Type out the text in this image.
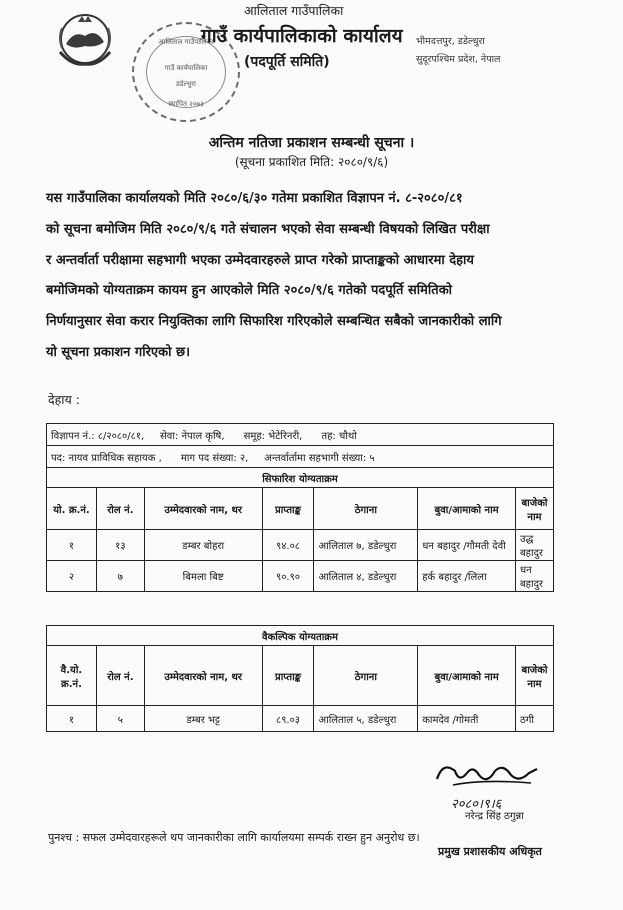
आलिताल गाउँपालिका
गाउँ कार्यपालिका
डडेल्धुरा
स्थापित २०७३
आलिताल गाउँपालिका
गाउँ कार्यपालिकाको कार्यालय
(पदपूर्ति समिति)
भीमदत्तपुर, डडेल्धुरा
सुदूरपश्चिम प्रदेश, नेपाल
अन्तिम नतिजा प्रकाशन सम्बन्धी सूचना ।
(सूचना प्रकाशित मिति: २०८०/९/६)
यस गाउँपालिका कार्यालयको मिति २०८०/६/३० गतेमा प्रकाशित विज्ञापन नं. ८-२०८०/८१
को सूचना बमोजिम मिति २०८०/९/६ गते संचालन भएको सेवा सम्बन्धी विषयको लिखित परीक्षा
र अन्तर्वार्ता परीक्षामा सहभागी भएका उम्मेदवारहरुले प्राप्त गरेको प्राप्ताङ्कको आधारमा देहाय
बमोजिमको योग्यताक्रम कायम हुन आएकोले मिति २०८०/९/६ गतेको पदपूर्ति समितिको
निर्णयानुसार सेवा करार नियुक्तिका लागि सिफारिश गरिएकोले सम्बन्धित सबैको जानकारीको लागि
यो सूचना प्रकाशन गरिएको छ।
देहाय :
विज्ञापन नं.: ८/२०८०/८१,     सेवा: नेपाल कृषि,      समूह: भेटेरिनरी,      तह: चौथो						
पद: नायव प्राविधिक सहायक ,      माग पद संख्या: २,     अन्तर्वार्तामा सहभागी संख्या: ५						
सिफारिश योग्यताक्रम						
यो. क्र.नं.	रोल नं.	उम्मेदवारको नाम, थर	प्राप्ताङ्क	ठेगाना	बुवा/आमाको नाम	बाजेको नाम
१	१३	डम्बर बोहरा	९४.०८	आलिताल ७, डडेल्धुरा	धन बहादुर /गौमती देवी	उद्ध बहादुर
२	७	बिमला बिष्ट	९०.९०	आलिताल ४, डडेल्धुरा	हर्क बहादुर /लिला	धन बहादुर
वैकल्पिक योग्यताक्रम						
वै.यो. क्र.नं.	रोल नं.	उम्मेदवारको नाम, थर	प्राप्ताङ्क	ठेगाना	बुवा/आमाको नाम	बाजेको नाम
१	५	डम्बर भट्ट	८९.०३	आलिताल ५, डडेल्धुरा	कामदेव /गोमती	ठगी
२०८०।९।६
नरेन्द्र सिंह ठगुन्ना
पुनश्च : सफल उम्मेदवारहरूले थप जानकारीका लागि कार्यालयमा सम्पर्क राख्न हुन अनुरोध छ।
प्रमुख प्रशासकीय अधिकृत
